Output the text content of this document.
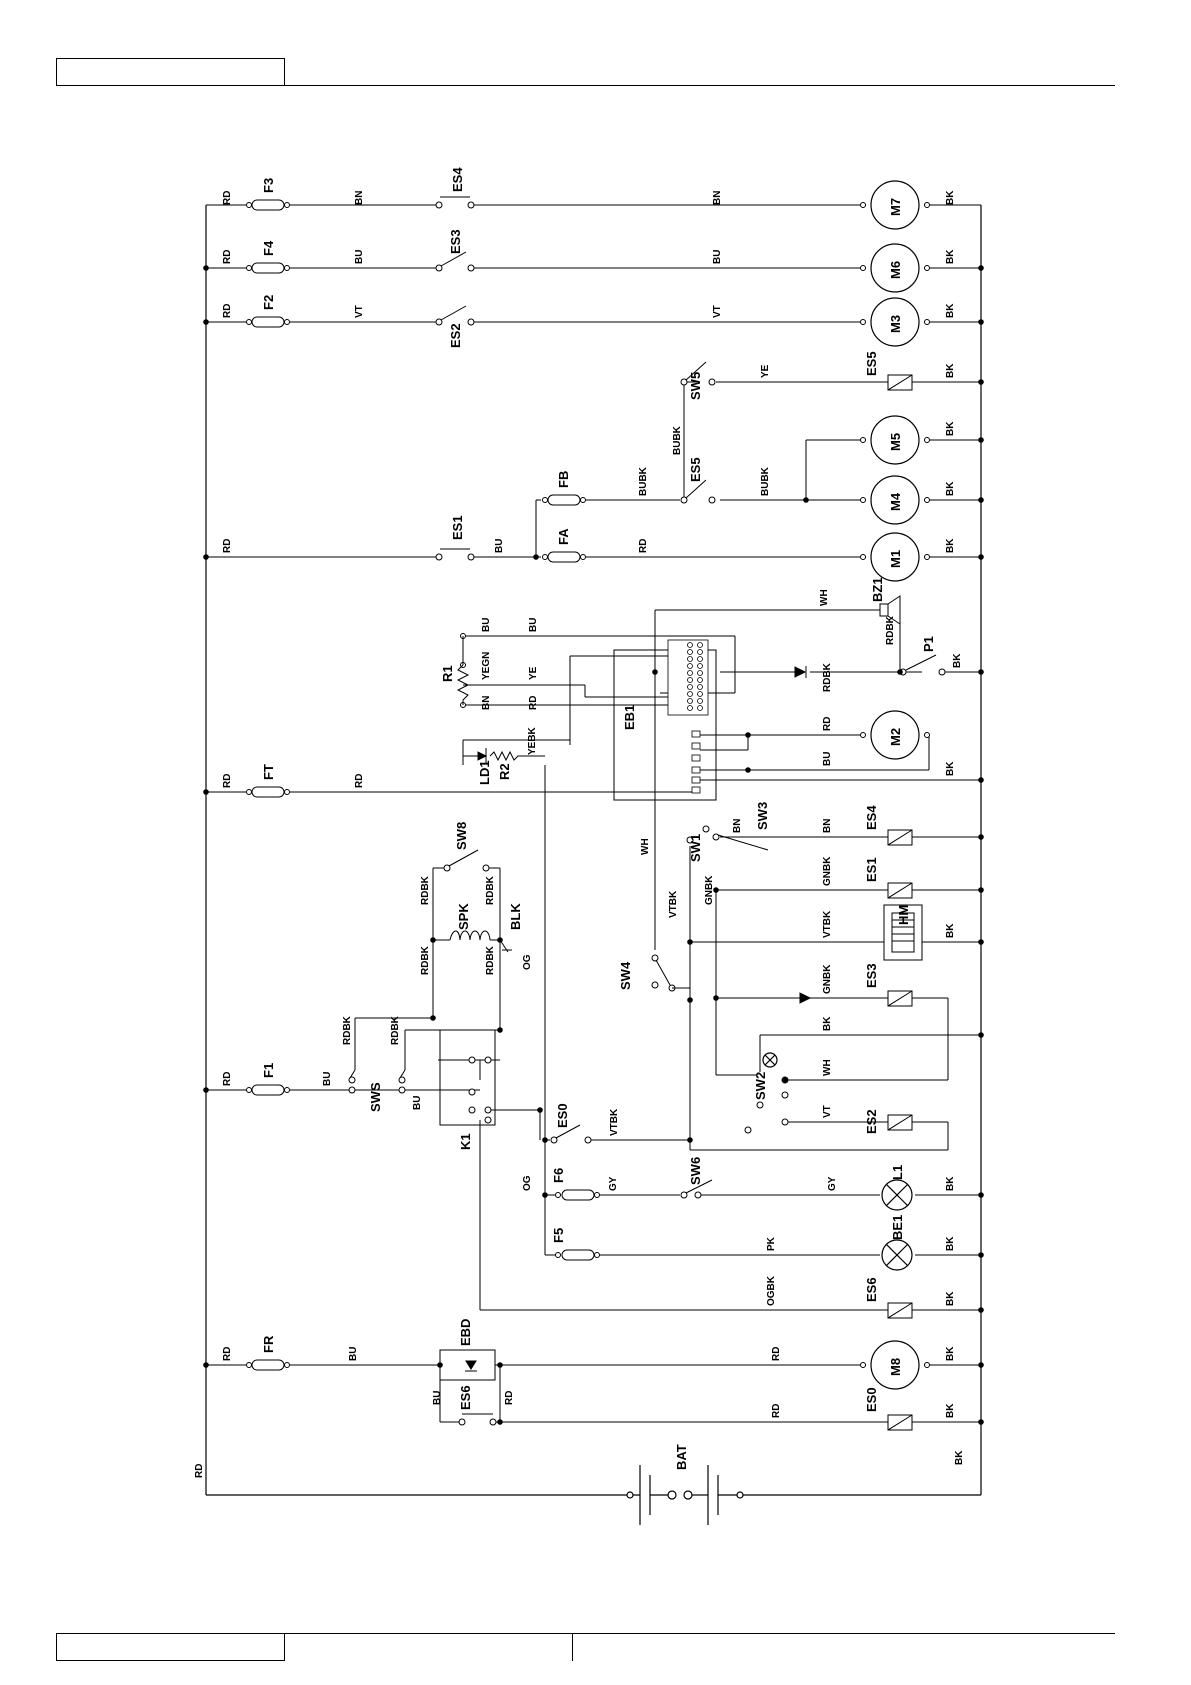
F3
F4
F2
FB
FA
FT
F1
FR
F6
F5
ES4
ES3
ES2
ES1
ES5
ES5
ES4
ES1
ES3
ES2
ES0
ES0
ES6
ES6
M7
M6
M3
M5
M4
M1
M2
M8
SW5
SW3
SW1
SW8
SW4
SW2
SW6
SWS
BZ1
P1
EB1
R1
R2
LD1
SPK	BLK	HM
K1
L1
BE1
EBD
BAT
RD	BN	BN	BK
RD	BU	BU	BK
RD	VT	VT	BK
YE	BK
BUBK	BK
BUBK	BUBK	BK
RD	BU	RD	BK
WH
RDBK
BU	BU
YEGN	YE	RDBK
BK
BN	RD
RD
YEBK
BU
RD	RD
BK
WH
BN	BN
RDBK	RDBK	VTBK	GNBK
GNBK
VTBK	BK
RDBK	RDBK	OG
GNBK
BK
RDBK	RDBK
WH
RD	BU
BU
VT
VTBK
OG	GY	GY	BK
PK	BK
OGBK	BK
RD	BU	RD	BK
BU	RD
RD	BK
RD
BK
